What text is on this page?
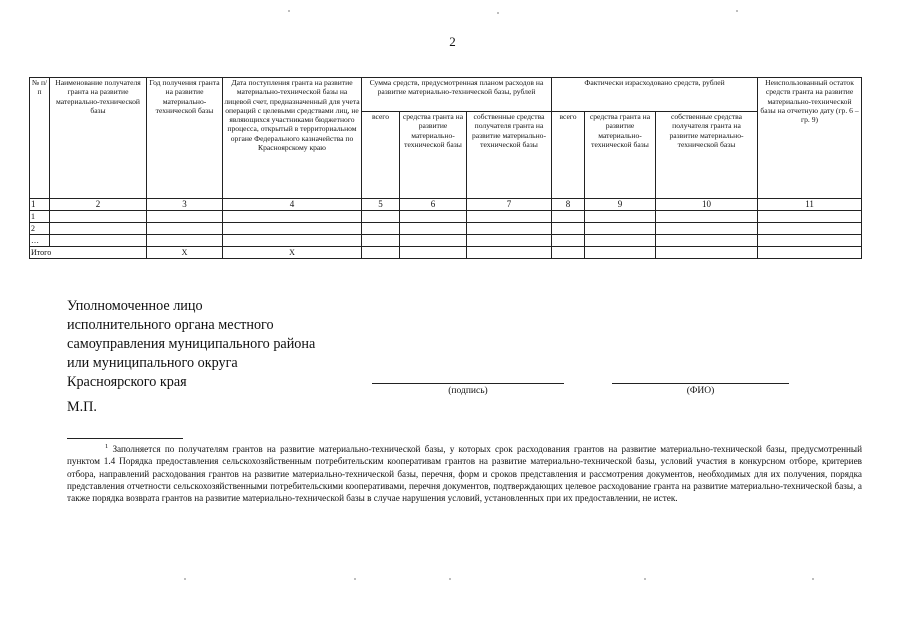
2
№ п/п	Наименование получателя гранта на развитие материально-технической базы	Год получения гранта на развитие материально-технической базы	Дата поступления гранта на развитие материально-технической базы на лицевой счет, предназначенный для учета операций с целевыми средствами лиц, не являющихся участниками бюджетного процесса, открытый в территориальном органе Федерального казначейства по Красноярскому краю	Сумма средств, предусмотренная планом расходов на развитие материально-технической базы, рублей			Фактически израсходовано средств, рублей			Неиспользованный остаток средств гранта на развитие материально-технической базы на отчетную дату (гр. 6 – гр. 9)
				всего	средства гранта на развитие материально-технической базы	собственные средства получателя гранта на развитие материально-технической базы	всего	средства гранта на развитие материально-технической базы	собственные средства получателя гранта на развитие материально-технической базы	
1	2	3	4	5	6	7	8	9	10	11
1										
2										
…										
Итого		X	X							
Уполномоченное лицо
исполнительного органа местного
самоуправления муниципального района
или муниципального округа
Красноярского края
(подпись)	(ФИО)
М.П.
$^1$ Заполняется по получателям грантов на развитие материально-технической базы, у которых срок расходования грантов на развитие материально-технической базы, предусмотренный пунктом 1.4 Порядка предоставления сельскохозяйственным потребительским кооперативам грантов на развитие материально-технической базы, условий участия в конкурсном отборе, критериев отбора, направлений расходования грантов на развитие материально-технической базы, перечня, форм и сроков представления и рассмотрения документов, необходимых для их получения, порядка представления отчетности сельскохозяйственными потребительскими кооперативами, перечня документов, подтверждающих целевое расходование гранта на развитие материально-технической базы, а также порядка возврата грантов на развитие материально-технической базы в случае нарушения условий, установленных при их предоставлении, не истек.
